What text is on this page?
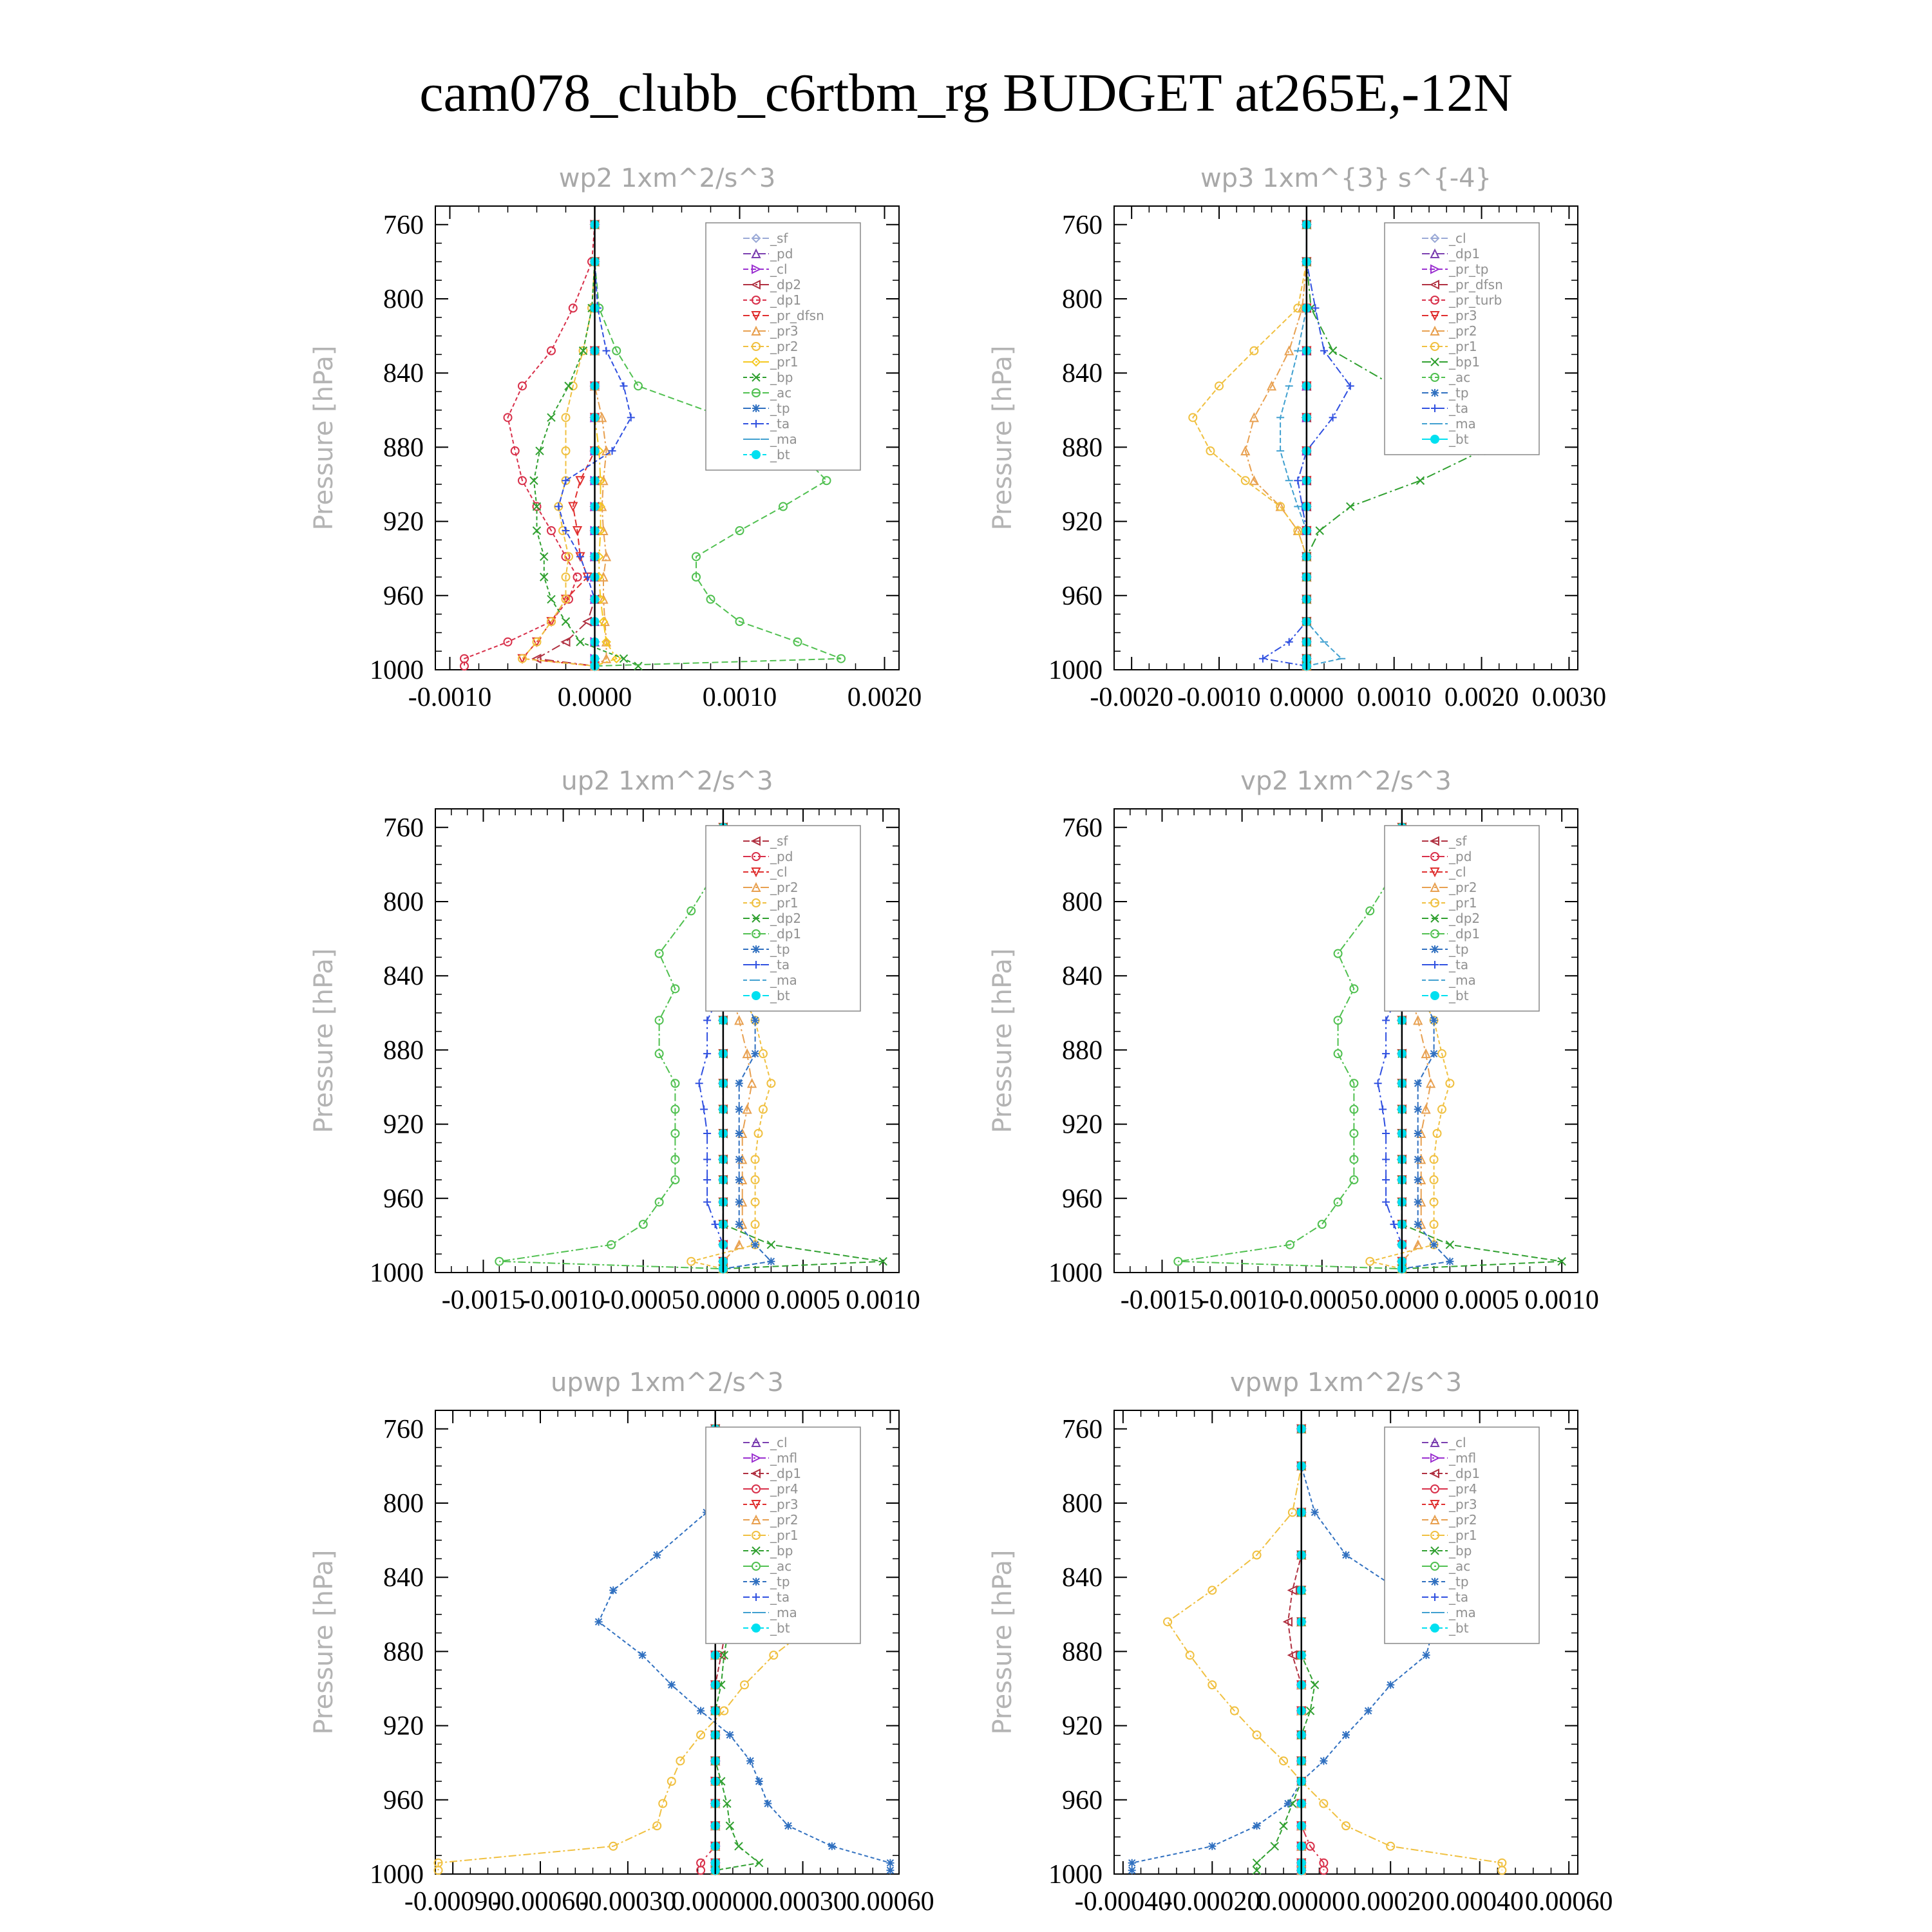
cam078_clubb_c6rtbm_rg BUDGET at265E,-12N
wp2 1xm^2/s^3
Pressure [hPa]
760
800
840
880
920
960
1000
-0.0010 0.0000	0.0010	0.0020
_sf
_pd
_cl
_dp2
_dp1
_pr_dfsn
_pr3
_pr2
_pr1
_bp
_ac
_tp
_ta
_ma
_bt
wp3 1xm^{3} s^{-4}
Pressure [hPa]
760
800
840
880
920
960
1000
-0.0020 -0.0010 0.0000 0.0010 0.0020 0.0030
_cl
_dp1
_pr_tp
_pr_dfsn
_pr_turb
_pr3
_pr2
_pr1
_bp1
_ac
_tp
_ta
_ma
_bt
up2 1xm^2/s^3
Pressure [hPa]
760
800
840
880
920
960
1000
-0.0015
-0.0010
-0.0005 0.0000 0.0005 0.0010
_sf
_pd
_cl
_pr2
_pr1
_dp2
_dp1
_tp
_ta
_ma
_bt
vp2 1xm^2/s^3
Pressure [hPa]
760
800
840
880
920
960
1000
-0.0015
-0.0010
-0.0005 0.0000 0.0005 0.0010
_sf
_pd
_cl
_pr2
_pr1
_dp2
_dp1
_tp
_ta
_ma
_bt
upwp 1xm^2/s^3
Pressure [hPa]
760
800
840
880
920
960
1000
-0.00090
-0.00060
-0.00030
0.00000 0.00030 0.00060
_cl
_mfl
_dp1
_pr4
_pr3
_pr2
_pr1
_bp
_ac
_tp
_ta
_ma
_bt
vpwp 1xm^2/s^3
Pressure [hPa]
760
800
840
880
920
960
1000
-0.00040
-0.00020
0.00000 0.00020 0.00040 0.00060
_cl
_mfl
_dp1
_pr4
_pr3
_pr2
_pr1
_bp
_ac
_tp
_ta
_ma
_bt
